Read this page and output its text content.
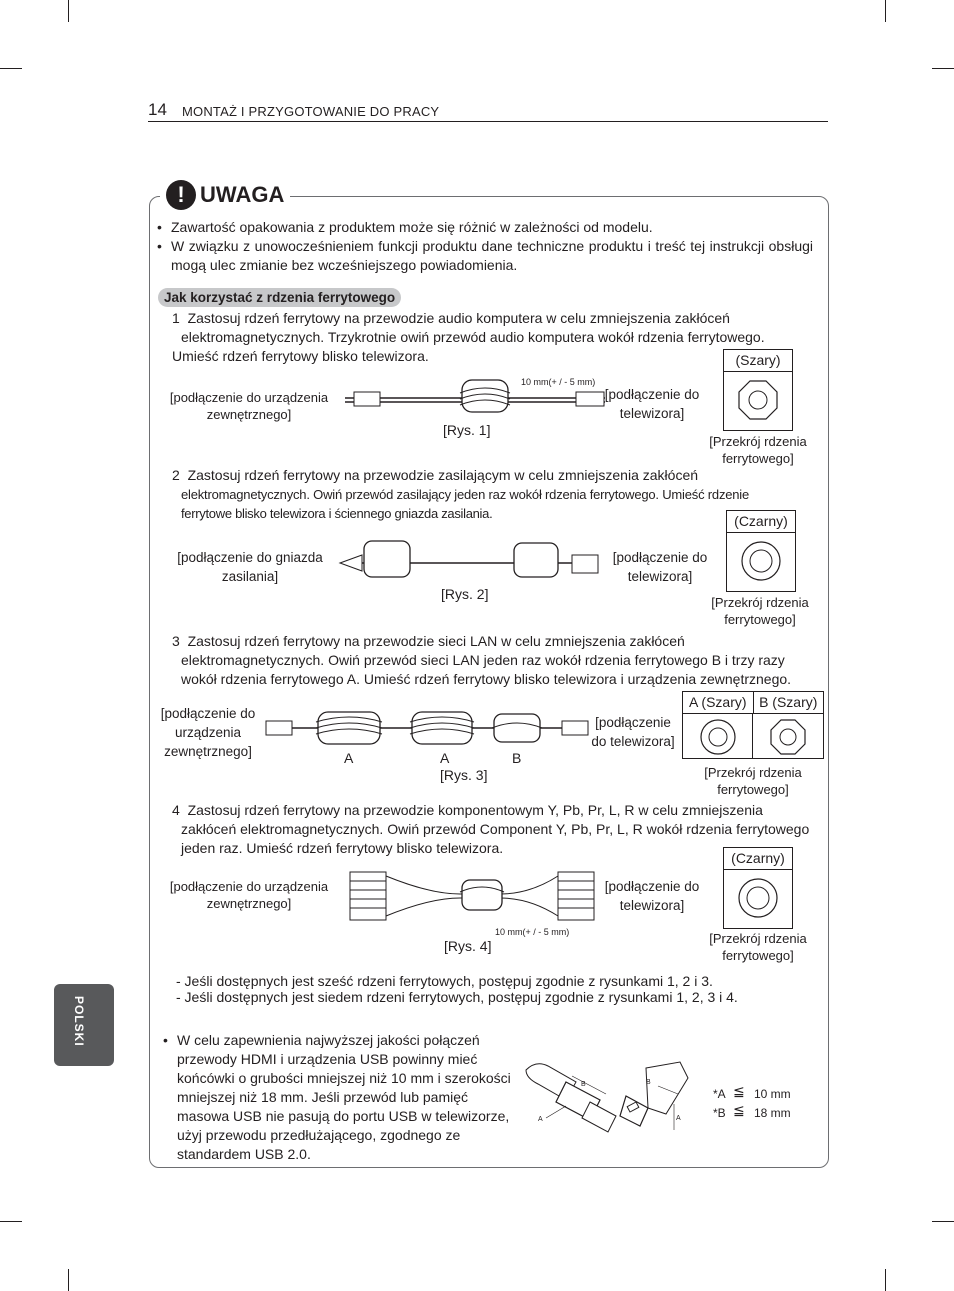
14 MONTAŻ I PRZYGOTOWANIE DO PRACY
! UWAGA
• Zawartość opakowania z produktem może się różnić w zależności od modelu.
• W związku z unowocześnieniem funkcji produktu dane techniczne produktu i treść tej instrukcji obsługi mogą ulec zmianie bez wcześniejszego powiadomienia.
Jak korzystać z rdzenia ferrytowego
1 Zastosuj rdzeń ferrytowy na przewodzie audio komputera w celu zmniejszenia zakłóceń
elektromagnetycznych. Trzykrotnie owiń przewód audio komputera wokół rdzenia ferrytowego.
Umieść rdzeń ferrytowy blisko telewizora.
[podłączenie do urządzenia zewnętrznego]
[podłączenie do telewizora]
[Rys. 1]
10 mm(+ / - 5 mm)
(Szary)
[Przekrój rdzenia ferrytowego]
2 Zastosuj rdzeń ferrytowy na przewodzie zasilającym w celu zmniejszenia zakłóceń
elektromagnetycznych. Owiń przewód zasilający jeden raz wokół rdzenia ferrytowego. Umieść rdzenie
ferrytowe blisko telewizora i ściennego gniazda zasilania.
[podłączenie do gniazda zasilania]
[podłączenie do telewizora]
[Rys. 2]
(Czarny)
[Przekrój rdzenia ferrytowego]
3 Zastosuj rdzeń ferrytowy na przewodzie sieci LAN w celu zmniejszenia zakłóceń
elektromagnetycznych. Owiń przewód sieci LAN jeden raz wokół rdzenia ferrytowego B i trzy razy
wokół rdzenia ferrytowego A. Umieść rdzeń ferrytowy blisko telewizora i urządzenia zewnętrznego.
[podłączenie do urządzenia zewnętrznego]
[podłączenie do telewizora]
[Rys. 3]
A	A	B
A (Szary) B (Szary)
[Przekrój rdzenia ferrytowego]
4 Zastosuj rdzeń ferrytowy na przewodzie komponentowym Y, Pb, Pr, L, R w celu zmniejszenia
zakłóceń elektromagnetycznych. Owiń przewód Component Y, Pb, Pr, L, R wokół rdzenia ferrytowego
jeden raz. Umieść rdzeń ferrytowy blisko telewizora.
[podłączenie do urządzenia zewnętrznego]
[podłączenie do telewizora]
[Rys. 4]
10 mm(+ / - 5 mm)
(Czarny)
[Przekrój rdzenia ferrytowego]
- Jeśli dostępnych jest sześć rdzeni ferrytowych, postępuj zgodnie z rysunkami 1, 2 i 3.
- Jeśli dostępnych jest siedem rdzeni ferrytowych, postępuj zgodnie z rysunkami 1, 2, 3 i 4.
• W celu zapewnienia najwyższej jakości połączeń przewody HDMI i urządzenia USB powinny mieć końcówki o grubości mniejszej niż 10 mm i szerokości mniejszej niż 18 mm. Jeśli przewód lub pamięć masowa USB nie pasują do portu USB w telewizorze, użyj przewodu przedłużającego, zgodnego ze standardem USB 2.0.
B
A
B
A
*A ≦ 10 mm
*B ≦ 18 mm
POLSKI
